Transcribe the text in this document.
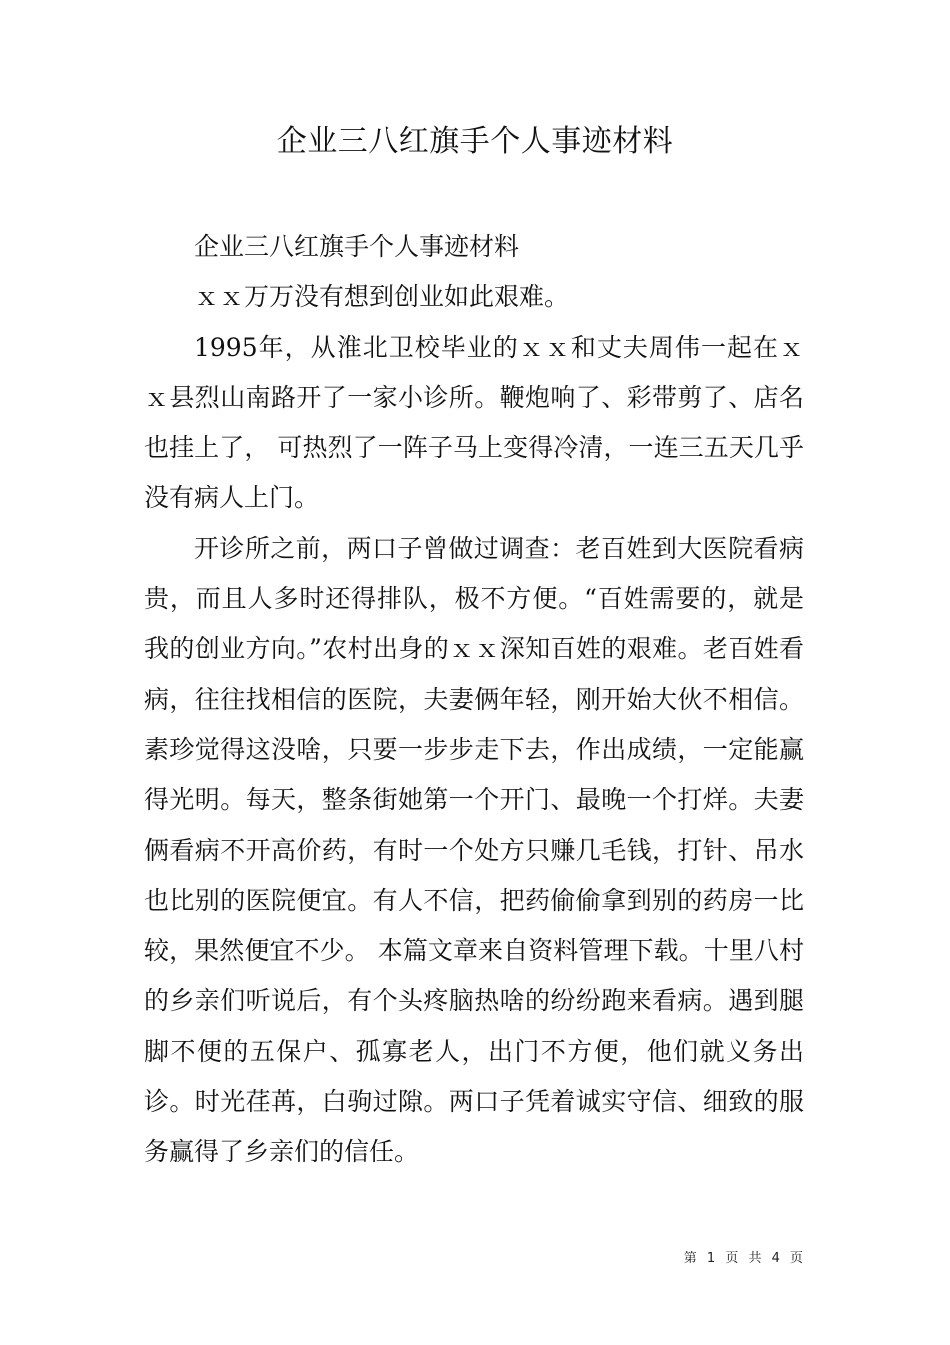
企业三八红旗手个人事迹材料

企业三八红旗手个人事迹材料

ｘｘ万万没有想到创业如此艰难。

1995年，从淮北卫校毕业的ｘｘ和丈夫周伟一起在ｘｘ县烈山南路开了一家小诊所。鞭炮响了、彩带剪了、店名也挂上了， 可热烈了一阵子马上变得冷清，一连三五天几乎没有病人上门。

开诊所之前，两口子曾做过调查：老百姓到大医院看病贵，而且人多时还得排队，极不方便。“百姓需要的，就是我的创业方向。”农村出身的ｘｘ深知百姓的艰难。老百姓看病，往往找相信的医院，夫妻俩年轻，刚开始大伙不相信。素珍觉得这没啥，只要一步步走下去，作出成绩，一定能赢得光明。每天，整条街她第一个开门、最晚一个打烊。夫妻俩看病不开高价药，有时一个处方只赚几毛钱，打针、吊水也比别的医院便宜。有人不信，把药偷偷拿到别的药房一比较，果然便宜不少。 本篇文章来自资料管理下载。十里八村的乡亲们听说后，有个头疼脑热啥的纷纷跑来看病。遇到腿脚不便的五保户、孤寡老人，出门不方便，他们就义务出诊。时光荏苒，白驹过隙。两口子凭着诚实守信、细致的服务赢得了乡亲们的信任。

第 1 页 共 4 页
